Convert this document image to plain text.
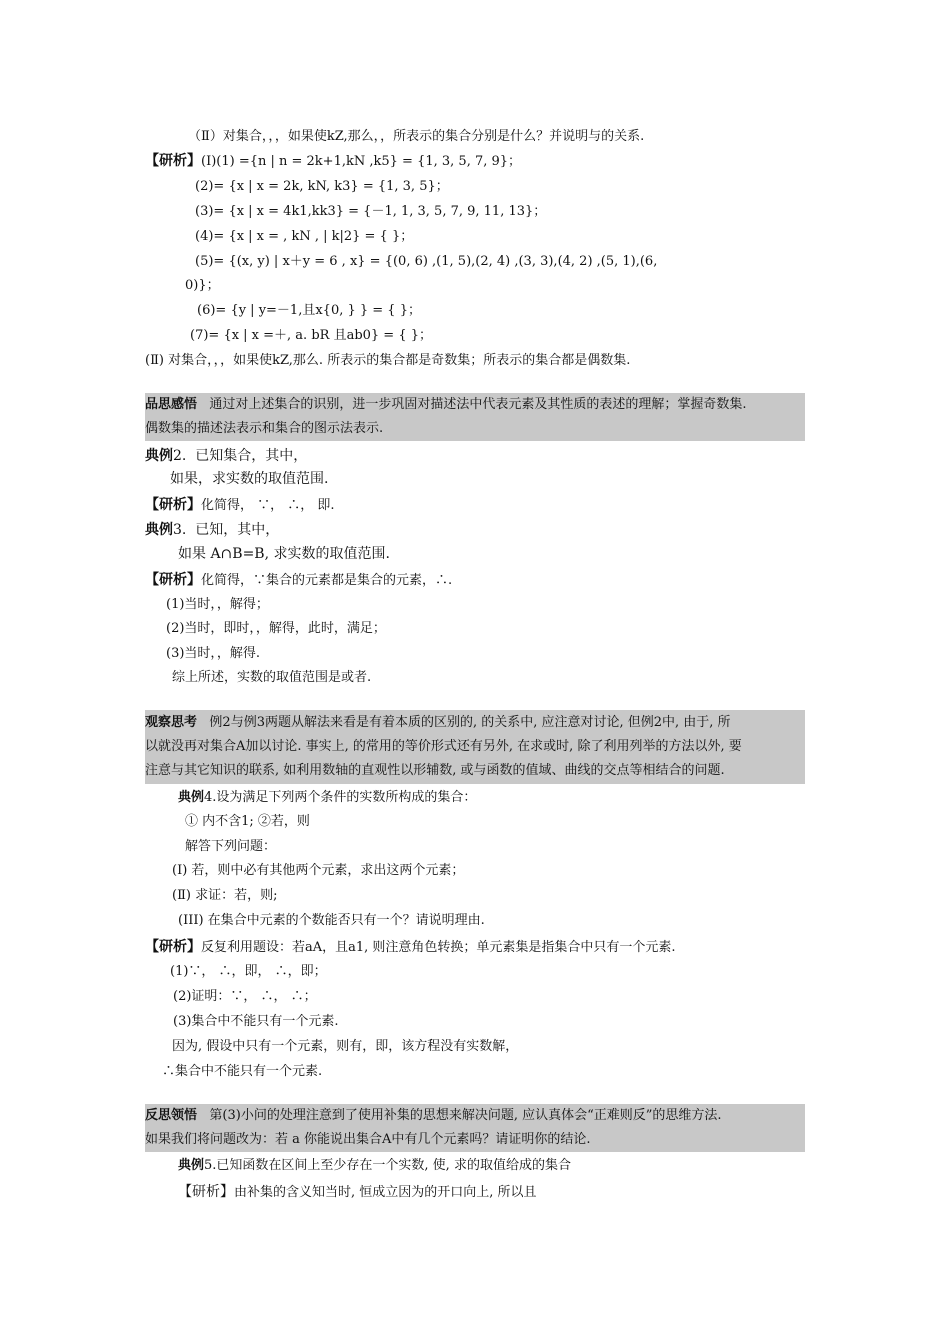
（Ⅱ）对集合，，，如果使kZ,那么，，所表示的集合分别是什么？并说明与的关系.
【研析】(Ⅰ)(1) ={n | n = 2k+1,kN ,k5} = {1, 3, 5, 7, 9}；
(2)= {x | x = 2k, kN, k3} = {1, 3, 5}；
(3)= {x | x = 4k1,kk3} = {－1, 1, 3, 5, 7, 9, 11, 13}；
(4)= {x | x = , kN , | k|2} = { }；
(5)= {(x, y) | x＋y = 6 , x} = {(0, 6) ,(1, 5),(2, 4) ,(3, 3),(4, 2) ,(5, 1),(6,
0)}；
(6)= {y | y=－1,且x{0, } } = { }；
(7)= {x | x =＋, a. bR 且ab0} = { }；
(Ⅱ) 对集合，，，如果使kZ,那么. 所表示的集合都是奇数集；所表示的集合都是偶数集.
品思感悟 通过对上述集合的识别，进一步巩固对描述法中代表元素及其性质的表述的理解；掌握奇数集.
偶数集的描述法表示和集合的图示法表示.
典例2. 已知集合，其中，
如果，求实数的取值范围.
【研析】化简得， ∵， ∴， 即.
典例3. 已知，其中，
如果 A∩B=B, 求实数的取值范围.
【研析】化简得，∵集合的元素都是集合的元素，∴.
(1)当时，，解得；
(2)当时，即时，，解得，此时，满足；
(3)当时，，解得.
综上所述，实数的取值范围是或者.
观察思考 例2与例3两题从解法来看是有着本质的区别的, 的关系中, 应注意对讨论, 但例2中, 由于, 所
以就没再对集合A加以讨论. 事实上, 的常用的等价形式还有另外, 在求或时, 除了利用列举的方法以外, 要
注意与其它知识的联系, 如利用数轴的直观性以形辅数, 或与函数的值域、曲线的交点等相结合的问题.
典例4.设为满足下列两个条件的实数所构成的集合：
① 内不含1; ②若，则
解答下列问题：
(Ⅰ) 若，则中必有其他两个元素，求出这两个元素；
(Ⅱ) 求证：若，则;
(III) 在集合中元素的个数能否只有一个？请说明理由.
【研析】反复利用题设：若aA，且a1, 则注意角色转换；单元素集是指集合中只有一个元素.
(1)∵， ∴，即， ∴，即；
(2)证明：∵， ∴， ∴；
(3)集合中不能只有一个元素.
因为, 假设中只有一个元素，则有，即，该方程没有实数解，
∴集合中不能只有一个元素.
反思领悟 第(3)小问的处理注意到了使用补集的思想来解决问题, 应认真体会“正难则反”的思维方法.
如果我们将问题改为：若 a 你能说出集合A中有几个元素吗？请证明你的结论.
典例5.已知函数在区间上至少存在一个实数, 使, 求的取值给成的集合
【研析】由补集的含义知当时, 恒成立因为的开口向上, 所以且
